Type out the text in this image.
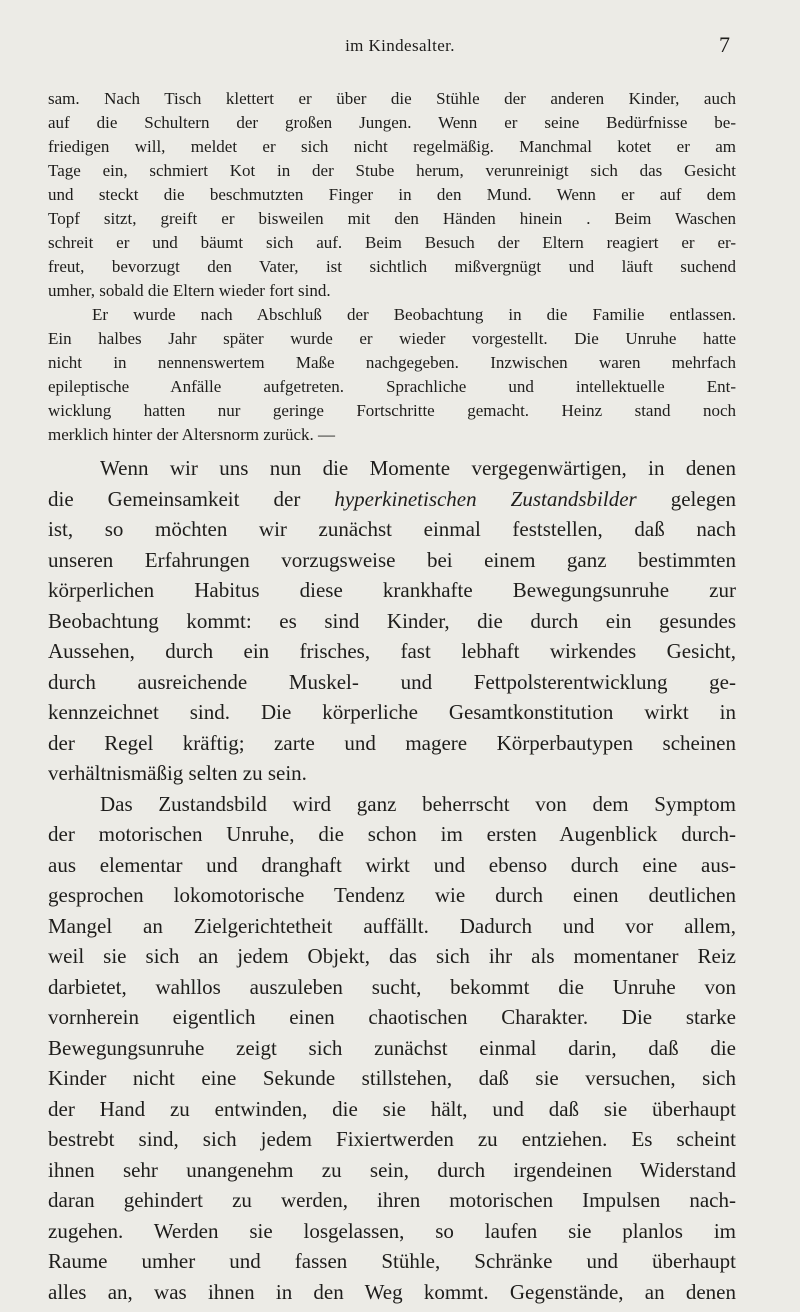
im Kindesalter.	7
sam. Nach Tisch klettert er über die Stühle der anderen Kinder, auch
auf die Schultern der großen Jungen. Wenn er seine Bedürfnisse be-
friedigen will, meldet er sich nicht regelmäßig. Manchmal kotet er am
Tage ein, schmiert Kot in der Stube herum, verunreinigt sich das Gesicht
und steckt die beschmutzten Finger in den Mund. Wenn er auf dem
Topf sitzt, greift er bisweilen mit den Händen hinein . Beim Waschen
schreit er und bäumt sich auf. Beim Besuch der Eltern reagiert er er-
freut, bevorzugt den Vater, ist sichtlich mißvergnügt und läuft suchend
umher, sobald die Eltern wieder fort sind.
Er wurde nach Abschluß der Beobachtung in die Familie entlassen.
Ein halbes Jahr später wurde er wieder vorgestellt. Die Unruhe hatte
nicht in nennenswertem Maße nachgegeben. Inzwischen waren mehrfach
epileptische Anfälle aufgetreten. Sprachliche und intellektuelle Ent-
wicklung hatten nur geringe Fortschritte gemacht. Heinz stand noch
merklich hinter der Altersnorm zurück. —
Wenn wir uns nun die Momente vergegenwärtigen, in denen
die Gemeinsamkeit der hyperkinetischen Zustandsbilder gelegen
ist, so möchten wir zunächst einmal feststellen, daß nach
unseren Erfahrungen vorzugsweise bei einem ganz bestimmten
körperlichen Habitus diese krankhafte Bewegungsunruhe zur
Beobachtung kommt: es sind Kinder, die durch ein gesundes
Aussehen, durch ein frisches, fast lebhaft wirkendes Gesicht,
durch ausreichende Muskel- und Fettpolsterentwicklung ge-
kennzeichnet sind. Die körperliche Gesamtkonstitution wirkt in
der Regel kräftig; zarte und magere Körperbautypen scheinen
verhältnismäßig selten zu sein.
Das Zustandsbild wird ganz beherrscht von dem Symptom
der motorischen Unruhe, die schon im ersten Augenblick durch-
aus elementar und dranghaft wirkt und ebenso durch eine aus-
gesprochen lokomotorische Tendenz wie durch einen deutlichen
Mangel an Zielgerichtetheit auffällt. Dadurch und vor allem,
weil sie sich an jedem Objekt, das sich ihr als momentaner Reiz
darbietet, wahllos auszuleben sucht, bekommt die Unruhe von
vornherein eigentlich einen chaotischen Charakter. Die starke
Bewegungsunruhe zeigt sich zunächst einmal darin, daß die
Kinder nicht eine Sekunde stillstehen, daß sie versuchen, sich
der Hand zu entwinden, die sie hält, und daß sie überhaupt
bestrebt sind, sich jedem Fixiertwerden zu entziehen. Es scheint
ihnen sehr unangenehm zu sein, durch irgendeinen Widerstand
daran gehindert zu werden, ihren motorischen Impulsen nach-
zugehen. Werden sie losgelassen, so laufen sie planlos im
Raume umher und fassen Stühle, Schränke und überhaupt
alles an, was ihnen in den Weg kommt. Gegenstände, an denen
